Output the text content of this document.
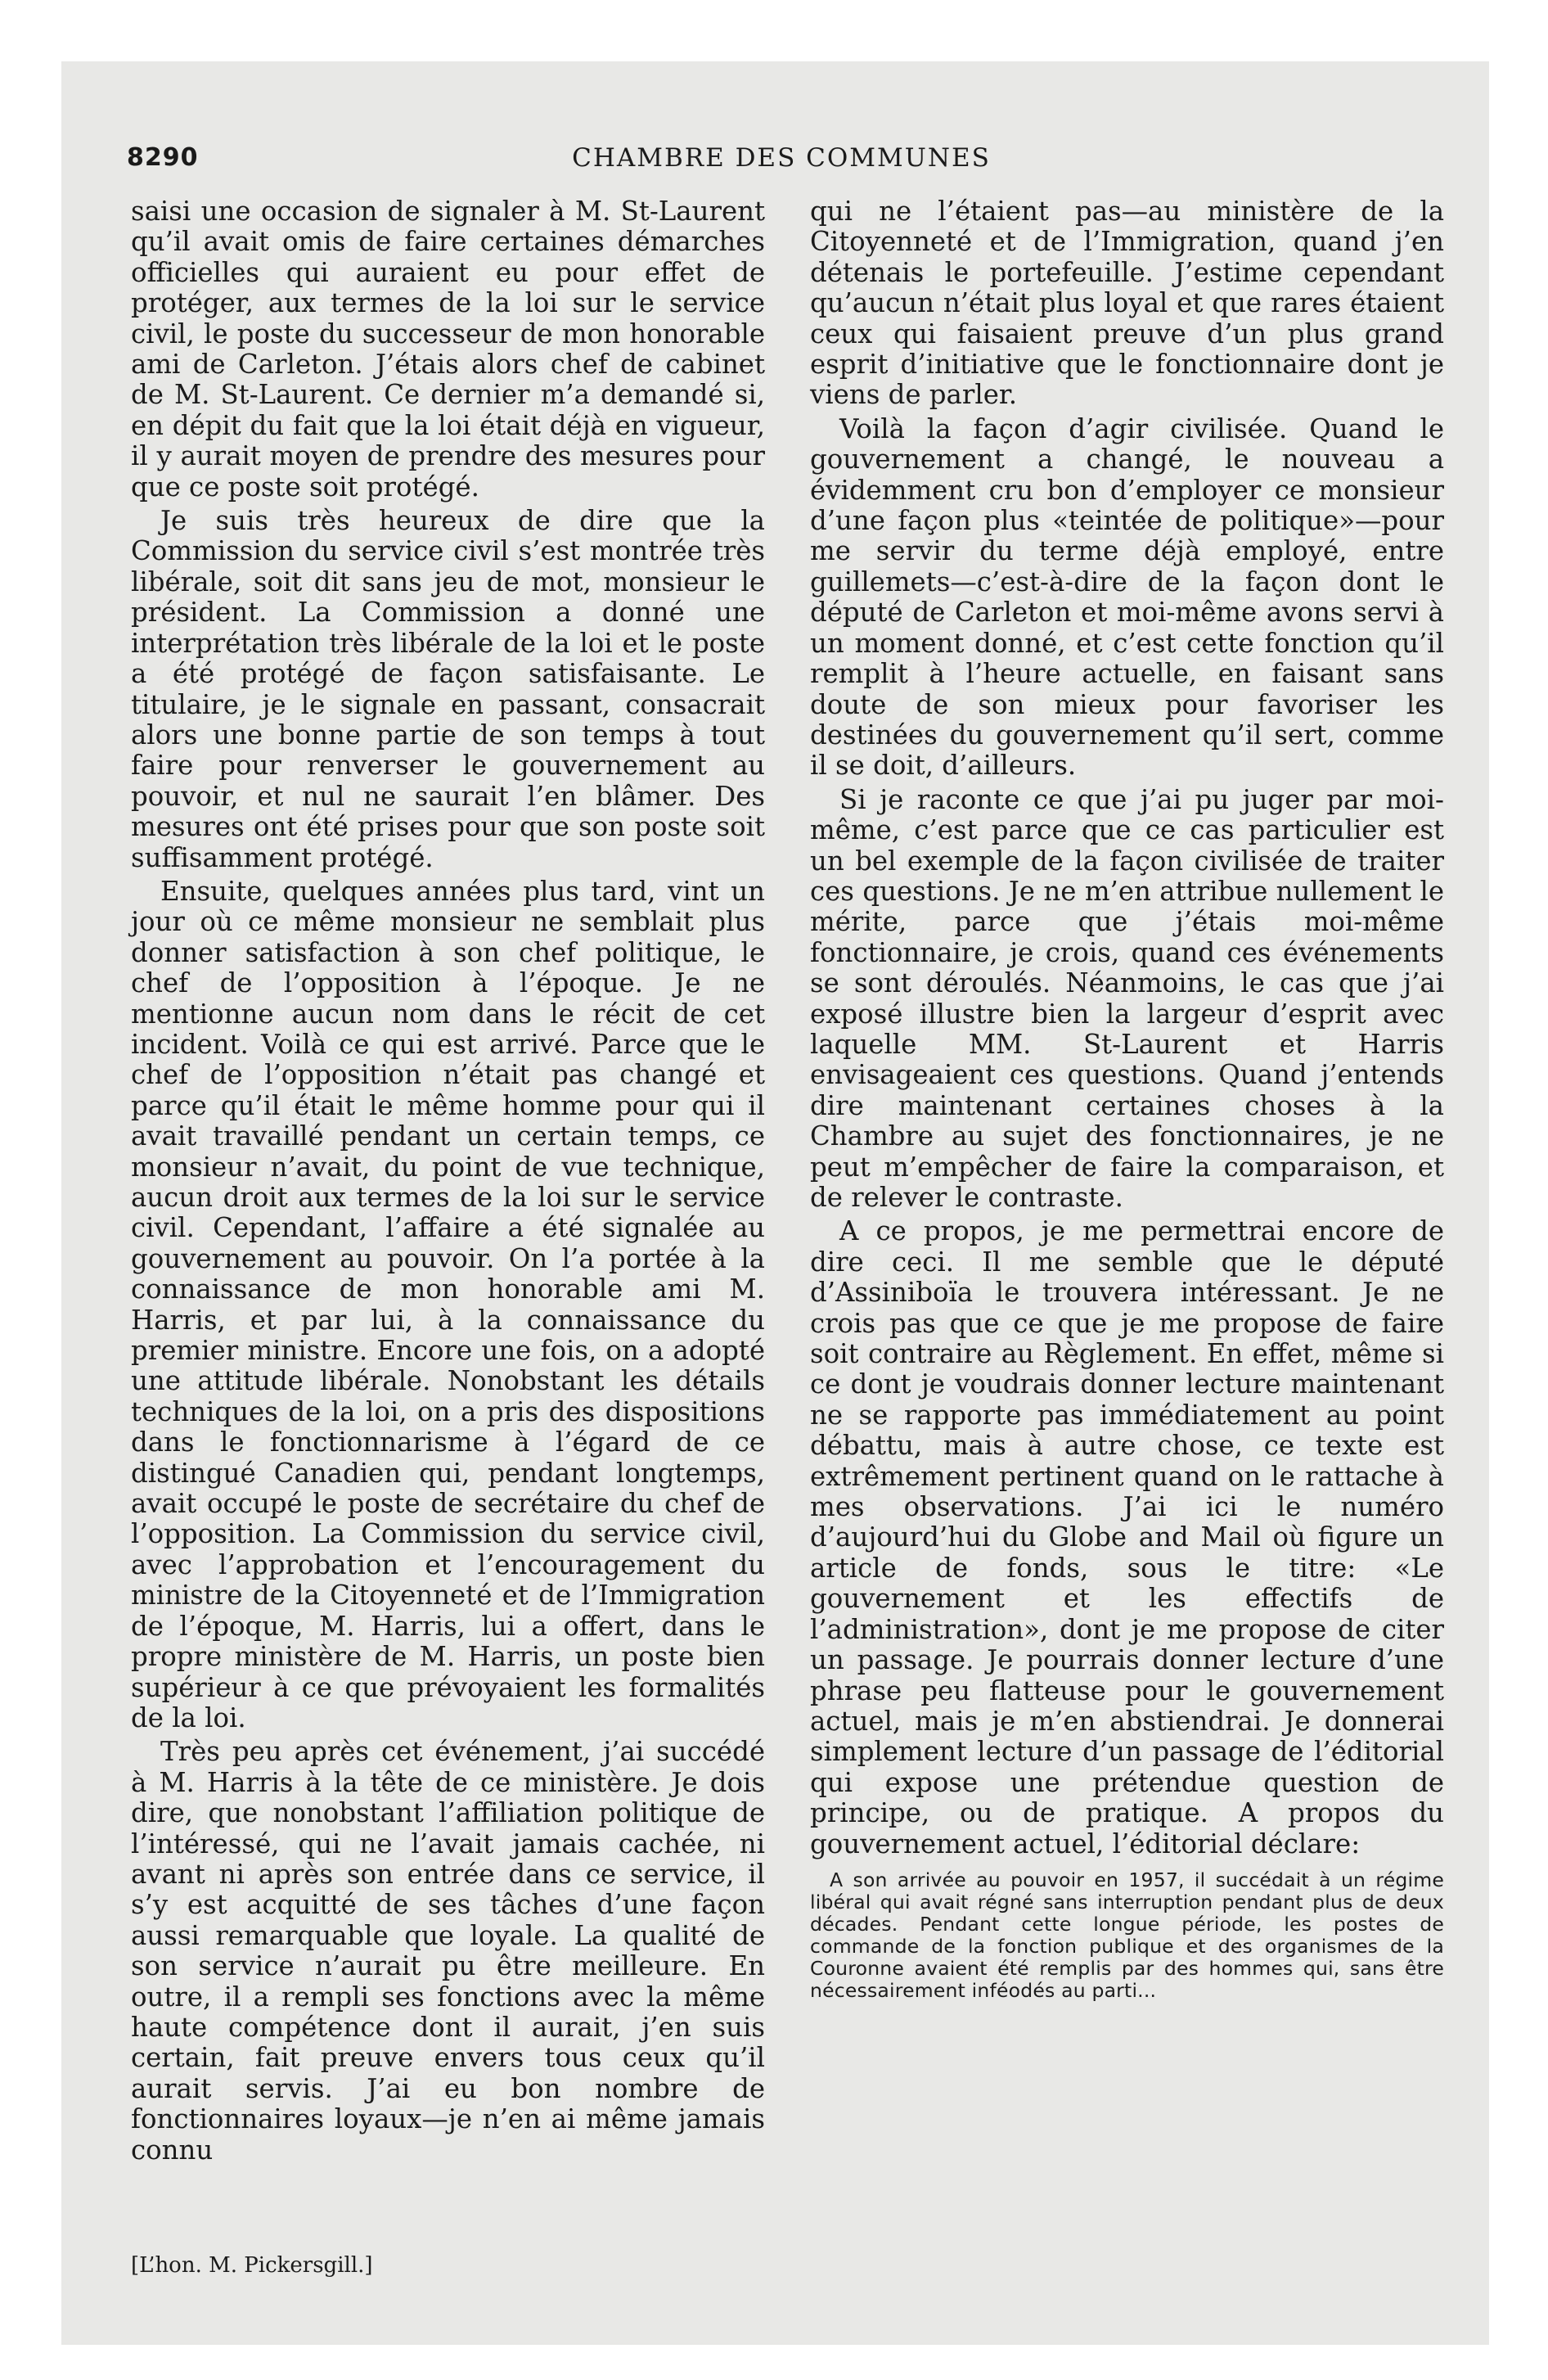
8290	CHAMBRE DES COMMUNES

saisi une occasion de signaler à M. St-Laurent qu’il avait omis de faire certaines démarches officielles qui auraient eu pour effet de protéger, aux termes de la loi sur le service civil, le poste du successeur de mon honorable ami de Carleton. J’étais alors chef de cabinet de M. St-Laurent. Ce dernier m’a demandé si, en dépit du fait que la loi était déjà en vigueur, il y aurait moyen de prendre des mesures pour que ce poste soit protégé.

Je suis très heureux de dire que la Commission du service civil s’est montrée très libérale, soit dit sans jeu de mot, monsieur le président. La Commission a donné une interprétation très libérale de la loi et le poste a été protégé de façon satisfaisante. Le titulaire, je le signale en passant, consacrait alors une bonne partie de son temps à tout faire pour renverser le gouvernement au pouvoir, et nul ne saurait l’en blâmer. Des mesures ont été prises pour que son poste soit suffisamment protégé.

Ensuite, quelques années plus tard, vint un jour où ce même monsieur ne semblait plus donner satisfaction à son chef politique, le chef de l’opposition à l’époque. Je ne mentionne aucun nom dans le récit de cet incident. Voilà ce qui est arrivé. Parce que le chef de l’opposition n’était pas changé et parce qu’il était le même homme pour qui il avait travaillé pendant un certain temps, ce monsieur n’avait, du point de vue technique, aucun droit aux termes de la loi sur le service civil. Cependant, l’affaire a été signalée au gouvernement au pouvoir. On l’a portée à la connaissance de mon honorable ami M. Harris, et par lui, à la connaissance du premier ministre. Encore une fois, on a adopté une attitude libérale. Nonobstant les détails techniques de la loi, on a pris des dispositions dans le fonctionnarisme à l’égard de ce distingué Canadien qui, pendant longtemps, avait occupé le poste de secrétaire du chef de l’opposition. La Commission du service civil, avec l’approbation et l’encouragement du ministre de la Citoyenneté et de l’Immigration de l’époque, M. Harris, lui a offert, dans le propre ministère de M. Harris, un poste bien supérieur à ce que prévoyaient les formalités de la loi.

Très peu après cet événement, j’ai succédé à M. Harris à la tête de ce ministère. Je dois dire, que nonobstant l’affiliation politique de l’intéressé, qui ne l’avait jamais cachée, ni avant ni après son entrée dans ce service, il s’y est acquitté de ses tâches d’une façon aussi remarquable que loyale. La qualité de son service n’aurait pu être meilleure. En outre, il a rempli ses fonctions avec la même haute compétence dont il aurait, j’en suis certain, fait preuve envers tous ceux qu’il aurait servis. J’ai eu bon nombre de fonctionnaires loyaux—je n’en ai même jamais connu

qui ne l’étaient pas—au ministère de la Citoyenneté et de l’Immigration, quand j’en détenais le portefeuille. J’estime cependant qu’aucun n’était plus loyal et que rares étaient ceux qui faisaient preuve d’un plus grand esprit d’initiative que le fonctionnaire dont je viens de parler.

Voilà la façon d’agir civilisée. Quand le gouvernement a changé, le nouveau a évidemment cru bon d’employer ce monsieur d’une façon plus «teintée de politique»—pour me servir du terme déjà employé, entre guillemets—c’est-à-dire de la façon dont le député de Carleton et moi-même avons servi à un moment donné, et c’est cette fonction qu’il remplit à l’heure actuelle, en faisant sans doute de son mieux pour favoriser les destinées du gouvernement qu’il sert, comme il se doit, d’ailleurs.

Si je raconte ce que j’ai pu juger par moi-même, c’est parce que ce cas particulier est un bel exemple de la façon civilisée de traiter ces questions. Je ne m’en attribue nullement le mérite, parce que j’étais moi-même fonctionnaire, je crois, quand ces événements se sont déroulés. Néanmoins, le cas que j’ai exposé illustre bien la largeur d’esprit avec laquelle MM. St-Laurent et Harris envisageaient ces questions. Quand j’entends dire maintenant certaines choses à la Chambre au sujet des fonctionnaires, je ne peut m’empêcher de faire la comparaison, et de relever le contraste.

A ce propos, je me permettrai encore de dire ceci. Il me semble que le député d’Assiniboïa le trouvera intéressant. Je ne crois pas que ce que je me propose de faire soit contraire au Règlement. En effet, même si ce dont je voudrais donner lecture maintenant ne se rapporte pas immédiatement au point débattu, mais à autre chose, ce texte est extrêmement pertinent quand on le rattache à mes observations. J’ai ici le numéro d’aujourd’hui du Globe and Mail où figure un article de fonds, sous le titre: «Le gouvernement et les effectifs de l’administration», dont je me propose de citer un passage. Je pourrais donner lecture d’une phrase peu flatteuse pour le gouvernement actuel, mais je m’en abstiendrai. Je donnerai simplement lecture d’un passage de l’éditorial qui expose une prétendue question de principe, ou de pratique. A propos du gouvernement actuel, l’éditorial déclare:

A son arrivée au pouvoir en 1957, il succédait à un régime libéral qui avait régné sans interruption pendant plus de deux décades. Pendant cette longue période, les postes de commande de la fonction publique et des organismes de la Couronne avaient été remplis par des hommes qui, sans être nécessairement inféodés au parti...

[L’hon. M. Pickersgill.]
